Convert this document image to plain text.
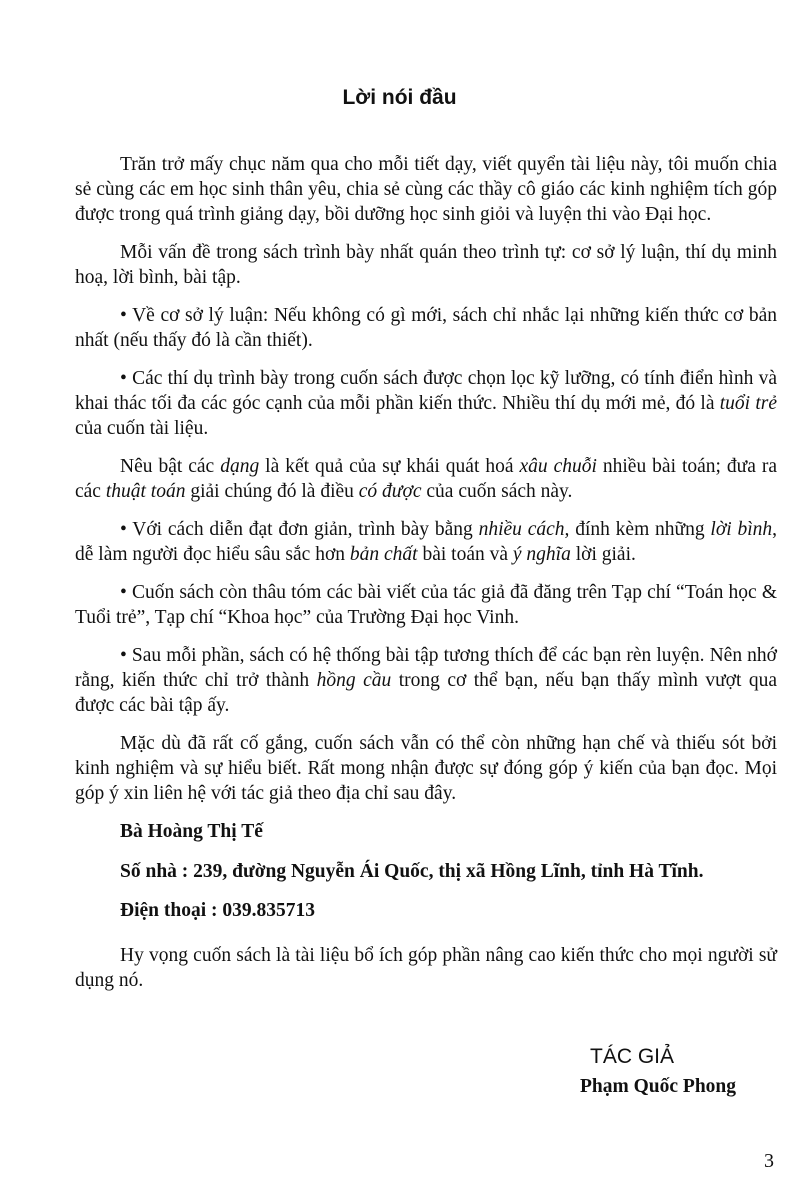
Lời nói đầu

Trăn trở mấy chục năm qua cho mỗi tiết dạy, viết quyển tài liệu này, tôi muốn chia sẻ cùng các em học sinh thân yêu, chia sẻ cùng các thầy cô giáo các kinh nghiệm tích góp được trong quá trình giảng dạy, bồi dưỡng học sinh giỏi và luyện thi vào Đại học.

Mỗi vấn đề trong sách trình bày nhất quán theo trình tự: cơ sở lý luận, thí dụ minh hoạ, lời bình, bài tập.

• Về cơ sở lý luận: Nếu không có gì mới, sách chỉ nhắc lại những kiến thức cơ bản nhất (nếu thấy đó là cần thiết).

• Các thí dụ trình bày trong cuốn sách được chọn lọc kỹ lưỡng, có tính điển hình và khai thác tối đa các góc cạnh của mỗi phần kiến thức. Nhiều thí dụ mới mẻ, đó là tuổi trẻ của cuốn tài liệu.

Nêu bật các dạng là kết quả của sự khái quát hoá xâu chuỗi nhiều bài toán; đưa ra các thuật toán giải chúng đó là điều có được của cuốn sách này.

• Với cách diễn đạt đơn giản, trình bày bằng nhiều cách, đính kèm những lời bình, dễ làm người đọc hiểu sâu sắc hơn bản chất bài toán và ý nghĩa lời giải.

• Cuốn sách còn thâu tóm các bài viết của tác giả đã đăng trên Tạp chí “Toán học & Tuổi trẻ”, Tạp chí “Khoa học” của Trường Đại học Vinh.

• Sau mỗi phần, sách có hệ thống bài tập tương thích để các bạn rèn luyện. Nên nhớ rằng, kiến thức chỉ trở thành hồng cầu trong cơ thể bạn, nếu bạn thấy mình vượt qua được các bài tập ấy.

Mặc dù đã rất cố gắng, cuốn sách vẫn có thể còn những hạn chế và thiếu sót bởi kinh nghiệm và sự hiểu biết. Rất mong nhận được sự đóng góp ý kiến của bạn đọc. Mọi góp ý xin liên hệ với tác giả theo địa chỉ sau đây.

Bà Hoàng Thị Tế

Số nhà : 239, đường Nguyễn Ái Quốc, thị xã Hồng Lĩnh, tỉnh Hà Tĩnh.

Điện thoại : 039.835713

Hy vọng cuốn sách là tài liệu bổ ích góp phần nâng cao kiến thức cho mọi người sử dụng nó.

TÁC GIẢ
Phạm Quốc Phong
3
